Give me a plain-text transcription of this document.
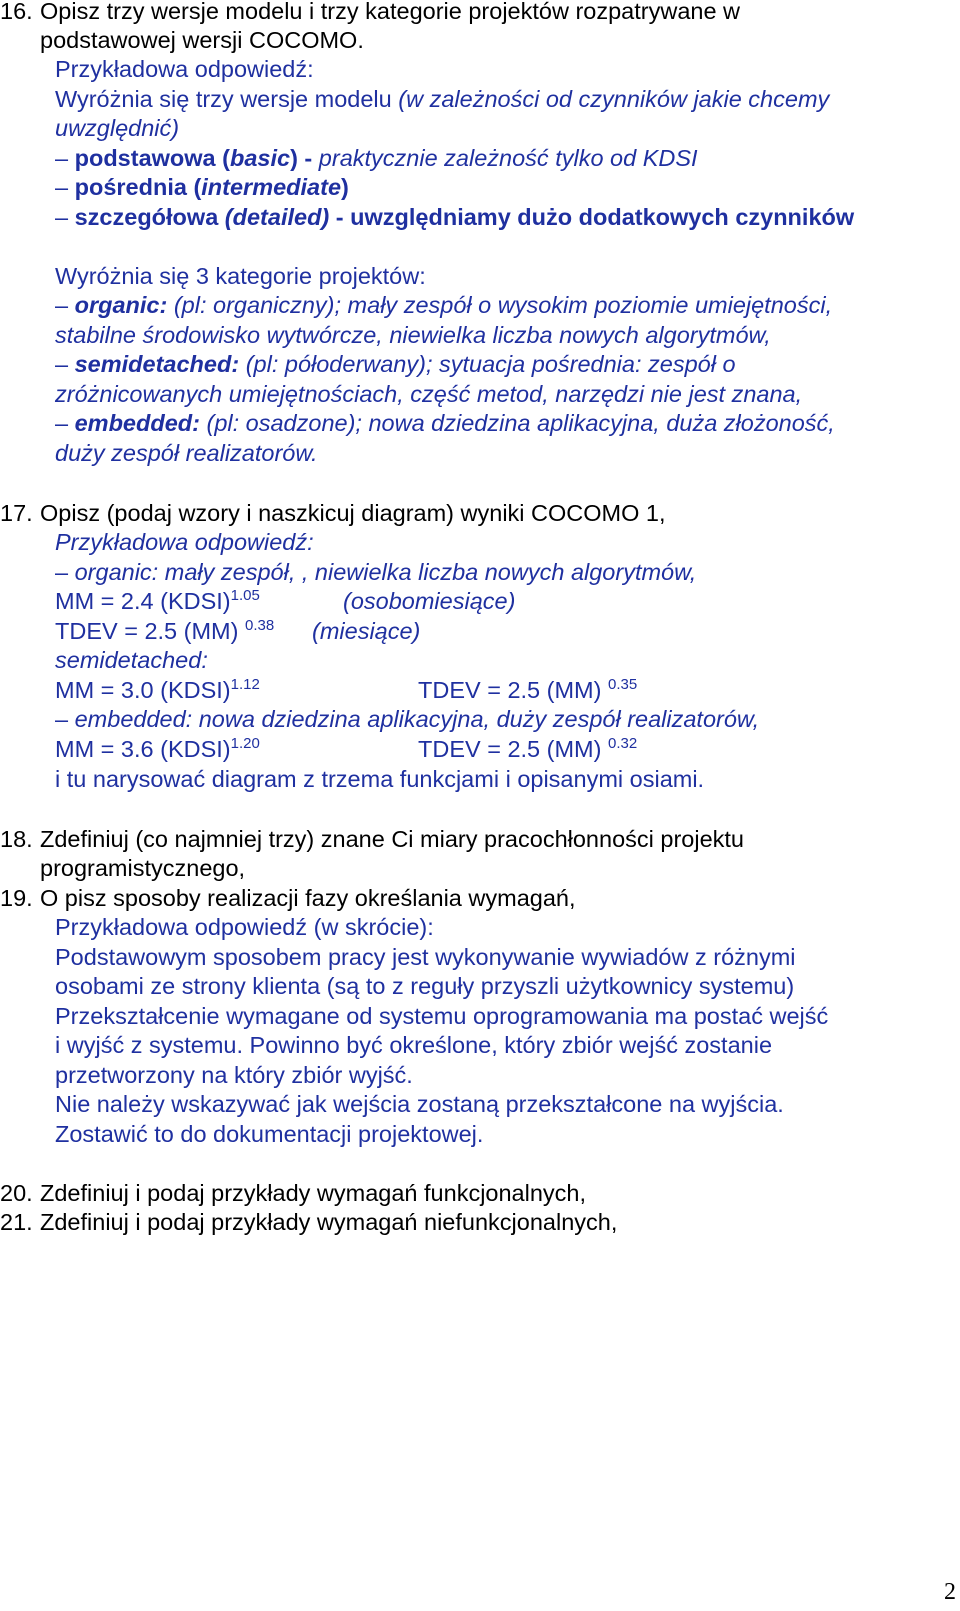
16. Opisz trzy wersje modelu i trzy kategorie projektów rozpatrywane w
podstawowej wersji COCOMO.
Przykładowa odpowiedź:
Wyróżnia się trzy wersje modelu (w zależności od czynników jakie chcemy
uwzględnić)
– podstawowa (basic) - praktycznie zależność tylko od KDSI
– pośrednia (intermediate)
– szczegółowa (detailed) - uwzględniamy dużo dodatkowych czynników
Wyróżnia się 3 kategorie projektów:
– organic: (pl: organiczny); mały zespół o wysokim poziomie umiejętności,
stabilne środowisko wytwórcze, niewielka liczba nowych algorytmów,
– semidetached: (pl: półoderwany); sytuacja pośrednia: zespół o
zróżnicowanych umiejętnościach, część metod, narzędzi nie jest znana,
– embedded: (pl: osadzone); nowa dziedzina aplikacyjna, duża złożoność,
duży zespół realizatorów.
17. Opisz (podaj wzory i naszkicuj diagram) wyniki COCOMO 1,
Przykładowa odpowiedź:
– organic: mały zespół, , niewielka liczba nowych algorytmów,
MM = 2.4 (KDSI)$^{1.05}$	(osobomiesiące)
TDEV = 2.5 (MM) $^{0.38}$ (miesiące)
semidetached:
MM = 3.0 (KDSI)$^{1.12}$	TDEV = 2.5 (MM) $^{0.35}$
– embedded: nowa dziedzina aplikacyjna, duży zespół realizatorów,
MM = 3.6 (KDSI)$^{1.20}$	TDEV = 2.5 (MM) $^{0.32}$
i tu narysować diagram z trzema funkcjami i opisanymi osiami.
18. Zdefiniuj (co najmniej trzy) znane Ci miary pracochłonności projektu
programistycznego,
19. O pisz sposoby realizacji fazy określania wymagań,
Przykładowa odpowiedź (w skrócie):
Podstawowym sposobem pracy jest wykonywanie wywiadów z różnymi
osobami ze strony klienta (są to z reguły przyszli użytkownicy systemu)
Przekształcenie wymagane od systemu oprogramowania ma postać wejść
i wyjść z systemu. Powinno być określone, który zbiór wejść zostanie
przetworzony na który zbiór wyjść.
Nie należy wskazywać jak wejścia zostaną przekształcone na wyjścia.
Zostawić to do dokumentacji projektowej.
20. Zdefiniuj i podaj przykłady wymagań funkcjonalnych,
21. Zdefiniuj i podaj przykłady wymagań niefunkcjonalnych,
2
